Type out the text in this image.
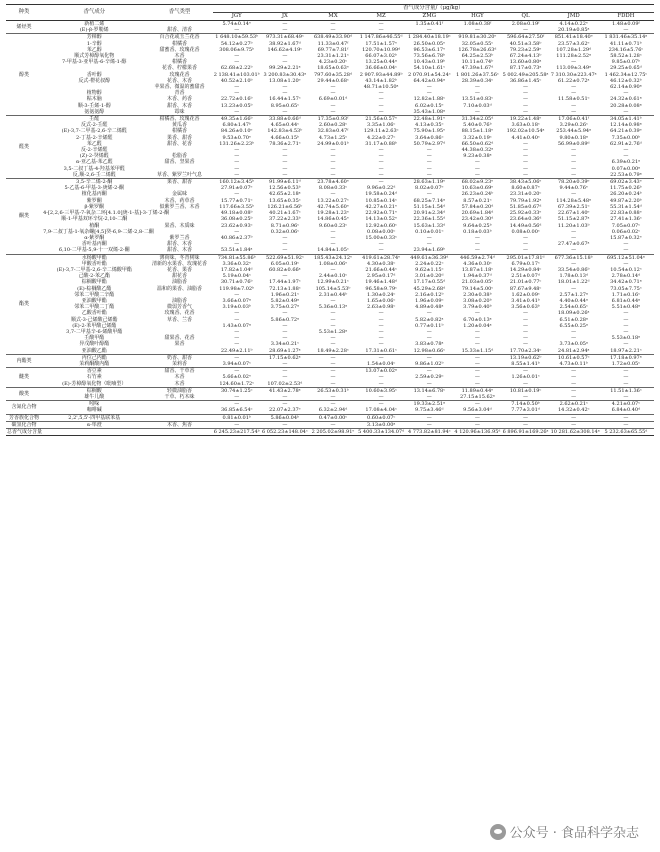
种类	香气成分	香气类型	香气成分含量/（μg/kg）								
			JGY	JX	MX	MZ	ZMG	HGY	QL	JMD	FDDH
烯烃类	新植二烯		5.74±0.14ᵉ	—	—	—	1.35±0.41ᶠ	1.08±0.38ᶠ	2.08±0.19ᶠ	4.14±0.22ᵉ	1.48±0.09ᶠ
	(E)-β-罗勒烯	甜香、清香	—	—	—	—	—	—	—	20.19±0.85ᵃ	—
醇类	芳樟醇	百合花或玉兰花香	1 648.10±59.53ᵇ	973.31±68.49ᶜ	638.49±33.90ᵈ	1 147.86±46.55ᵈ	1 284.40±18.19ᶜ	919.81±30.20ᵉ	596.64±27.50ᶠ	851.41±18.40ᵉ	1 831.46±35.14ᵃ
	1-辛醇	柑橘香	54.12±0.27ᵇ	38.92±1.67ᵈ	11.33±0.47ᶠ	17.51±1.57ᵉ	26.50±0.05ᵉ	32.05±0.55ᶜ	40.51±3.58ᵇ	23.57±3.62ᵉ	41.11±0.71ᵇ
	苯乙醇	甜蜜香、玫瑰花香	308.06±9.75ᵇ	146.62±4.19ᶜ	69.77±7.81ᶠ	120.70±10.99ᵈ	96.53±6.17ᵉ	126.78±26.63ᵈ	79.23±2.59ᵉ	107.28±1.29ᵈ	234.16±5.76ᶜ
	顺式芳樟醇氧化物	木香	—	—	23.31±1.21ᶜ	66.07±3.02ᵇ	73.56±6.78ᵇ	64.25±2.53ᵇ	67.24±4.13ᵇ	111.28±2.52ᵃ	58.52±1.28ᶜ
	7-甲基-3-亚甲基-6-辛烯-1-醇	柑橘香	—	—	4.23±0.20ᶜ	13.25±0.44ᵃ	10.43±0.19ᵇ	10.11±0.74ᵇ	13.60±0.80ᵃ	—	9.85±0.07ᵇ
		花香、柠檬果香	62.68±2.22ᵇ	99.29±2.21ᵃ	18.65±0.63ᵉ	36.66±0.04ᶜ	54.10±1.61ᶜ	47.39±1.67ᵈ	87.17±0.73ᵃ	113.09±3.49ᵃ	29.25±0.65ᵈ
	香叶醇	玫瑰花香	2 138.41±103.01ᵇ	3 200.83±30.43ᵃ	797.60±35.28ᵈ	2 907.93±44.89ᵇ	2 070.91±54.24ᶜ	1 801.26±37.56ᶜ	5 002.49±205.58ᵃ	7 310.30±223.47ᵃ	1 462.34±12.75ᶜ
	反式-橙花叔醇	花香、木香	40.52±2.10ᵇ	13.08±1.20ᵉ	29.44±0.68ᶜ	43.14±1.82ᵇ	64.42±0.94ᵃ	28.39±0.34ᶜ	36.86±1.45ᶜ	61.22±0.72ᵃ	46.12±0.32ᵇ
		苹果香、微温的蜜甜香	—	—	—	48.71±10.50ᵃ	—	—	—	—	62.14±0.90ᵃ
	植物醇	青香	—	—	—	—	—	—	—	—	—
	粘木脑	木香、药香	22.72±0.16ᵇ	16.44±1.57ᶜ	6.69±0.01ᵈ	—	12.82±1.88ᶜ	13.51±0.83ᶜ	—	11.58±0.51ᶜ	24.32±0.61ᵃ
	顺-3-壬烯-1-醇	甜香、木香	13.23±0.05ᵇ	8.95±0.65ᶜ	—	—	6.02±0.15ᵉ	7.10±0.03ᵈ	—	—	20.28±0.08ᵃ
	氨氨氨醇	霉味	—	—	—	—	35.43±1.08ᵃ	—	—	—	—
醛类	壬醛	柑橘香、玫瑰花香	49.35±1.66ᵇ	33.88±0.66ᵈ	17.35±0.93ᶠ	21.56±0.57ᵉ	22.48±1.91ᵉ	31.34±2.05ᵈ	19.22±1.48ᵉ	17.06±0.41ᶠ	34.05±1.41ᵇ
	反式-2-壬醛	黄瓜香	6.80±1.47ᵇ	4.65±0.44ᶜ	2.60±0.28ᶜ	3.35±1.06ᶜ	4.13±0.35ᶜ	5.40±0.76ᵇ	3.63±0.18ᶜ	3.29±0.26ᶜ	12.14±0.98ᵃ
	(E)-3,7-二甲基-2,6-辛二烯醛	柑橘香	84.26±0.10ᵉ	142.83±4.53ᵇ	32.83±0.47ᶠ	129.11±2.63ᶜ	75.90±1.95ᵉ	88.15±1.18ᵉ	192.02±10.54ᵃ	253.44±5.94ᵃ	64.21±0.39ᵉ
	2-丁基-2-辛烯醛	果香、甜香	9.53±0.70ᵉ	4.66±0.15ᵇ	4.73±1.25ᶜ	4.22±0.27ᶜ	3.64±0.86ᶜ	3.32±0.19ᶜ	4.41±0.40ᶜ	9.80±0.18ᵃ	7.35±0.00ᵇ
	苯乙醛	甜香、花香	131.26±2.23ᵇ	78.36±2.71ᶜ	24.99±0.01ᵇ	31.17±0.88ᵇ	50.79±2.97ᵈ	66.50±0.62ᵈ	—	56.99±0.89ᵈ	62.91±2.76ᵈ
	反-2-辛烯醛		—	—	—	—	—	44.38±0.32ᵃ	—	—	—
	(Z)-2-癸烯醛	松脂香	—	—	—	—	—	9.23±0.38ᵃ	—	—	—
	α-亚乙基-苯乙醛	甜香、坚果香	—	—	—	—	—	—	—	—	6.39±0.21ᵃ
	3,5-二叔丁基-4-羟基苯甲醛		—	—	—	—	—	—	—	—	0.07±0.00ᵃ
	反,顺-2,6-壬二烯醛	草香、紫罗兰叶气息	—	—	—	—	—	—	—	—	22.53±0.79ᵃ
酮类	3,5-辛二烯-2-酮	果香、甜香	160.12±3.45ᵇ	91.99±6.11ᵈ	23.78±4.60ᵉ	—	28.63±1.19ᵉ	68.02±9.23ᵉ	38.43±5.06ᵉ	78.20±0.39ᵉ	69.02±3.43ᵉ
	5-乙基-6-甲基-3-庚烯-2-酮		27.91±0.07ᵉ	12.56±0.53ᵇ	8.08±0.33ᶜ	9.96±0.22ᵈ	8.02±0.07ᵉ	10.63±0.69ᵉ	8.60±0.87ᵉ	9.44±0.76ᵉ	11.75±0.26ᵇ
	植化基丙酮	金属味	—	42.65±2.18ᵃ	—	19.58±0.24ᵈ	—	26.23±0.24ᵇ	23.31±0.20ᶜ	—	26.20±0.24ᵇ
	紫罗酮	木香、药草香	15.77±0.71ᶜ	13.65±0.35ᶜ	13.22±0.27ᶜ	10.85±0.14ᶜ	68.25±7.14ᵃ	8.57±0.21ᶜ	79.79±1.92ᵃ	114.28±5.48ᵃ	49.87±2.20ᵇ
	β-紫罗酮	似紫罗兰香、木香	117.66±3.55ᵇ	126.21±6.56ᵇ	42.74±5.60ᵉ	42.27±0.21ᵉ	51.15±1.54ᵈ	57.84±0.20ᵈ	51.85±0.67ᵈ	67.39±2.51ᶜ	55.31±1.54ᵈ
	4-[2,2,6-三甲基-7-氧杂二环[4.1.0]庚-1-基]-3-丁烯-2-酮		49.18±0.08ᵇ	40.21±1.67ᶜ	19.28±1.23ᵉ	22.92±0.71ᵉ	20.91±2.34ᵈ	20.69±1.84ᵈ	25.92±0.33ᵉ	22.67±1.40ᵉ	22.83±0.88ᵉ
	顺-1-甲基双环辛烷-2,10-二酮		36.08±0.25ᵇ	37.22±2.33ᵇ	14.86±0.45ᵉ	14.13±0.52ᵉ	22.36±1.55ᵈ	23.42±0.30ᵈ	23.64±0.36ᵈ	51.15±2.87ᵃ	27.41±1.36ᶜ
	植酮	果香、木质味	23.62±0.93ᶜ	8.71±0.96ᶜ	9.60±0.23ᶜ	12.92±0.60ᶜ	15.63±1.33ᵈ	9.64±0.25ᵇ	14.49±0.56ᵈ	11.20±1.03ᵇ	7.05±0.07ᶜ
	7,9-二叔丁基-1-氧杂螺[4,5]癸-6,9-二烯-2,8-二酮		—	0.32±0.06ᶜ	—	0.08±0.00ᶜ	0.10±0.01ᶜ	0.18±0.03ᵇ	0.08±0.00ᶜ	—	0.06±0.02ᶜ
	α-紫罗酮	紫罗兰香	40.86±2.37ᵇ	—	—	15.00±0.33ᶜ	—	—	—	—	15.87±0.32ᵉ
	香叶基丙酮	甜香、木香	—	—	—	—	—	—	—	27.47±0.67ᵃ	—
	6,10-二甲基-5,9-十一双烯-2-酮	甜香、木香	53.51±1.84ᵃ	—	14.84±1.05ᶜ	—	23.94±1.69ᵇ	—	—	—	—
酯类	水杨酸甲酯	薄荷味、冬青树味	734.81±55.86ᵇ	522.69±51.92ᶜ	185.43±24.12ᵉ	419.61±28.74ᵉ	449.61±36.39ᵈ	446.59±2.74ᵈ	295.01±17.81ᵈ	677.36±15.18ᵇ	695.12±51.04ᵃ
	甲酸香叶酯	清新的水果香、玫瑰花香	3.36±0.32ᵉ	6.05±0.19ᶜ	1.08±0.06ᵉ	4.30±0.38ᶜ	2.24±0.22ᶜ	4.36±0.30ᶜ	6.79±0.17ᶜ	—	—
	(E)-3,7-二甲基-2,6-辛二烯酸甲酯	花香、果香	17.82±1.04ᵈ	60.82±0.66ᵃ	—	21.66±0.44ᶜ	9.62±1.15ᶜ	13.87±1.18ᶜ	14.29±0.84ᶜ	33.54±0.86ᵇ	10.54±0.12ᶜ
	己酸-2-苯乙酯	甜花香	5.19±0.04ᶜ	—	2.44±0.10ᶜ	2.95±0.17ᵈ	3.01±0.20ᵈ	1.94±0.37ᵈ	2.51±0.07ᵈ	1.78±0.13ᵈ	2.78±0.14ᵈ
	棕榈酸甲酯	油脂香	30.71±0.76ᵇ	17.44±1.97ᶜ	12.99±0.21ᶜ	19.46±1.48ᵈ	17.17±0.55ᵈ	21.03±0.05ᶜ	21.01±0.77ᶜ	18.01±1.22ᵈ	34.42±0.71ᵃ
	(E)-棕榈酸乙酯	温和的果香、油脂香	119.98±7.02ᵇ	72.13±1.88ᶜ	105.14±5.53ᵇ	96.58±9.79ᶜ	45.29±2.68ᵈ	79.14±5.00ᶜ	87.67±9.48ᶜ	—	73.05±7.75ᶜ
	邻苯二甲酸二辛酯		—	1.96±0.21ᶜ	2.31±0.44ᵇ	1.30±0.24ᶜ	2.16±0.12ᵇ	2.30±0.38ᵇ	1.62±0.09ᶜ	2.57±1.27ᵃ	1.71±0.16ᶜ
	亚油酸甲酯	油脂香	3.66±0.07ᵃ	5.82±0.49ᵃ	—	1.65±0.06ᶜ	1.96±0.09ᶜ	3.08±0.20ᵇ	3.41±0.41ᵇ	4.40±0.44ᵃ	6.81±0.44ᵃ
	邻苯二甲酸二丁酯	微弱芳香气	3.19±0.03ᵇ	3.75±0.27ᵃ	5.36±0.13ᵃ	2.63±0.98ᶜ	4.89±0.48ᵃ	3.79±0.40ᵇ	3.56±0.63ᵇ	2.54±0.65ᶜ	5.51±0.48ᵃ
	乙酸香叶酯	玫瑰香、花香	—	—	—	—	—	—	—	18.09±0.26ᵃ	—
	顺式-3-己烯酸己烯酯	草香、兰香	—	5.86±0.72ᵃ	—	—	5.82±0.82ᵃ	6.70±0.13ᵃ	—	6.51±0.28ᵃ	—
	(E)-2-苯甲酸己烯酯		1.43±0.07ᵃ	—	—	—	0.77±0.11ᵇ	1.20±0.04ᵃ	—	6.55±0.25ᵃ	—
	3,7-二甲基辛-6-烯酸甲酯		—	—	5.53±1.28ᵃ	—	—	—	—	—	—
	壬酸甲酯	甜果香、花香	—	—	—	—	—	—	—	—	5.53±0.18ᵃ
	异戊酸叶醇酯	果香	—	3.34±0.21ᶜ	—	—	3.83±0.78ᵃ	—	—	3.73±0.05ᵃ	—
	亚油酸乙酯		22.49±2.11ᵇ	28.69±1.27ᵃ	18.49±2.28ᶜ	17.31±0.61ᶜ	12.98±0.66ᶜ	15.33±1.15ᵈ	17.70±2.34ᶜ	24.81±2.94ᵃ	18.97±2.21ᶜ
内酯类	丙位己内酯	奶香、甜香	—	17.15±0.62ᵃ	—	—	—	—	13.19±0.62ᵇ	10.61±0.57ᶜ	17.18±0.97ᵃ
	茉莉酮酸内酯	茉莉香	3.94±0.07ᶜ	—	—	1.54±0.04ᶜ	9.86±1.02ᵇ	—	8.55±1.41ᵇ	4.73±0.11ᵇ	1.72±0.05ᶜ
醚类	香豆素	甜香、干草香	—	—	—	13.07±0.02ᵃ	—	—	—	—	—
	石竹素	木香	5.66±0.02ᵉ	—	—	—	2.59±0.29ᶜ	—	1.26±0.01ᶜ	—	—
	(E)-芳樟醇氧化物（吡喃型）	木香	124.60±1.72ᶜ	107.02±2.53ᵈ	—	—	—	—	—	—	—
酸类	棕榈酸	轻微油脂香	30.74±1.25ᶜ	41.43±2.78ᵃ	26.53±0.31ᵇ	10.60±3.95ᶜ	13.14±6.78ᶜ	11.89±0.44ᵉ	10.81±0.19ᶜ	—	11.51±1.36ᶜ
	雄牛儿酸	干草、朽木味	—	—	—	—	—	27.15±15.62ᵃ	—	—	—
含氮化合物	吲哚		—	—	—	—	19.33±2.51ᵃ	—	7.14±0.50ᵇ	2.62±0.21ᶜ	4.21±0.07ᶜ
	咖啡碱		36.85±6.54ᶜ	22.07±2.37ᵉ	6.32±2.94ᵈ	17.08±4.04ᶜ	9.75±3.46ᵈ	9.56±3.04ᵈ	7.77±3.01ᵈ	14.32±0.42ᶜ	6.84±0.40ᵈ
芳香族化合物	2,2',5,5'-四甲基联苯基		0.81±0.01ᵇ	5.86±0.04ᵇ	0.47±0.00ᶜ	0.60±0.07ᶜ	—	—	—	—	—
碳氢化合物	α-荜澄	木香、焦香	—	—	—	3.13±0.00ᵃ	—	—	—	—	—
总香气成分含量			6 245.23±217.54ᵇ	6 052.23±148.04ᶜ	2 205.02±98.91ᵉ	5 400.33±134.07ᵈ	4 773.82±81.94ᶜ	4 120.96±136.95ᵈ	6 896.91±169.26ᵃ	10 281.62±308.14ᵃ	5 232.63±65.55ᵈ
公众号 · 食品科学杂志
